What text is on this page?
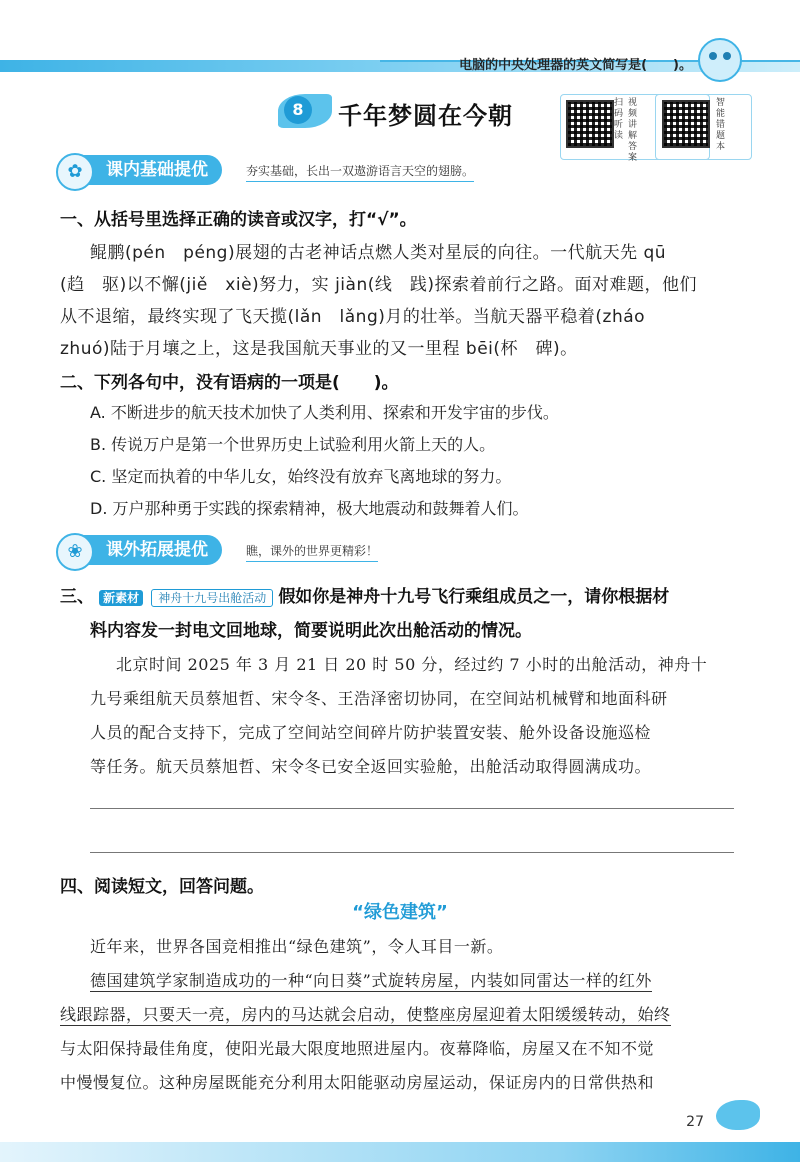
电脑的中央处理器的英文简写是(　　)。
8	千年梦圆在今朝	扫码听读
视频讲解答案
智能错题本
课内基础提优
✿	夯实基础，长出一双遨游语言天空的翅膀。
一、从括号里选择正确的读音或汉字，打“√”。
鲲鹏(pén　péng)展翅的古老神话点燃人类对星辰的向往。一代航天先 qū
(趋　驱)以不懈(jiě　xiè)努力，实 jiàn(线　践)探索着前行之路。面对难题，他们
从不退缩，最终实现了飞天揽(lǎn　lǎng)月的壮举。当航天器平稳着(zháo
zhuó)陆于月壤之上，这是我国航天事业的又一里程 bēi(杯　碑)。
二、下列各句中，没有语病的一项是(　　)。
A. 不断进步的航天技术加快了人类利用、探索和开发宇宙的步伐。
B. 传说万户是第一个世界历史上试验利用火箭上天的人。
C. 坚定而执着的中华儿女，始终没有放弃飞离地球的努力。
D. 万户那种勇于实践的探索精神，极大地震动和鼓舞着人们。
课外拓展提优
❀	瞧，课外的世界更精彩！
三、 新素材 神舟十九号出舱活动 假如你是神舟十九号飞行乘组成员之一，请你根据材
料内容发一封电文回地球，简要说明此次出舱活动的情况。
北京时间 2025 年 3 月 21 日 20 时 50 分，经过约 7 小时的出舱活动，神舟十
九号乘组航天员蔡旭哲、宋令冬、王浩泽密切协同，在空间站机械臂和地面科研
人员的配合支持下，完成了空间站空间碎片防护装置安装、舱外设备设施巡检
等任务。航天员蔡旭哲、宋令冬已安全返回实验舱，出舱活动取得圆满成功。
四、阅读短文，回答问题。
“绿色建筑”
近年来，世界各国竞相推出“绿色建筑”，令人耳目一新。
德国建筑学家制造成功的一种“向日葵”式旋转房屋，内装如同雷达一样的红外
线跟踪器，只要天一亮，房内的马达就会启动，使整座房屋迎着太阳缓缓转动，始终
与太阳保持最佳角度，使阳光最大限度地照进屋内。夜幕降临，房屋又在不知不觉
中慢慢复位。这种房屋既能充分利用太阳能驱动房屋运动，保证房内的日常供热和
27
